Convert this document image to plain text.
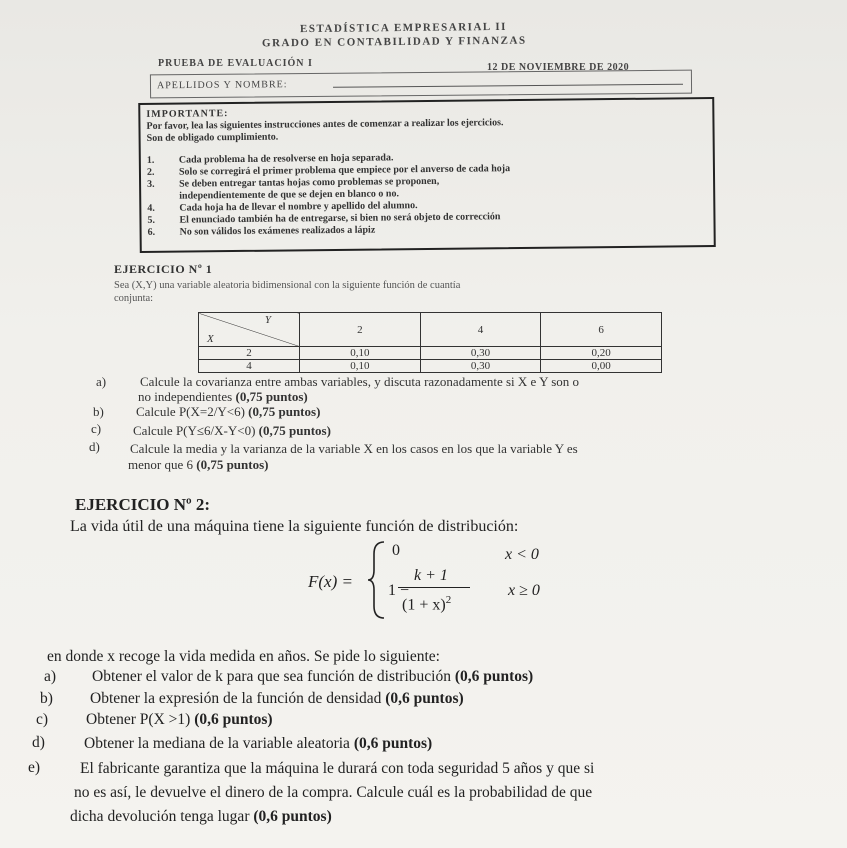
ESTADÍSTICA EMPRESARIAL II
GRADO EN CONTABILIDAD Y FINANZAS
PRUEBA DE EVALUACIÓN I	12 DE NOVIEMBRE DE 2020
APELLIDOS Y NOMBRE:
IMPORTANTE:
Por favor, lea las siguientes instrucciones antes de comenzar a realizar los ejercicios.
Son de obligado cumplimiento.
1. Cada problema ha de resolverse en hoja separada.
2. Solo se corregirá el primer problema que empiece por el anverso de cada hoja
3. Se deben entregar tantas hojas como problemas se proponen,
independientemente de que se dejen en blanco o no.
4. Cada hoja ha de llevar el nombre y apellido del alumno.
5. El enunciado también ha de entregarse, si bien no será objeto de corrección
6. No son válidos los exámenes realizados a lápiz
EJERCICIO Nº 1
Sea (X,Y) una variable aleatoria bidimensional con la siguiente función de cuantía
conjunta:
Y
X	2	4	6
2	0,10	0,30	0,20
4	0,10	0,30	0,00
a)	Calcule la covarianza entre ambas variables, y discuta razonadamente si X e Y son o
no independientes (0,75 puntos)
b) Calcule P(X=2/Y<6) (0,75 puntos)
c) Calcule P(Y≤6/X-Y<0) (0,75 puntos)
d) Calcule la media y la varianza de la variable X en los casos en los que la variable Y es
menor que 6 (0,75 puntos)
EJERCICIO Nº 2:
La vida útil de una máquina tiene la siguiente función de distribución:
F(x) =
0	x < 0
1 −
k + 1
$(1 + x)^2$
x ≥ 0
en donde x recoge la vida medida en años. Se pide lo siguiente:
a) Obtener el valor de k para que sea función de distribución (0,6 puntos)
b) Obtener la expresión de la función de densidad (0,6 puntos)
c) Obtener P(X >1) (0,6 puntos)
d)	Obtener la mediana de la variable aleatoria (0,6 puntos)
e)	El fabricante garantiza que la máquina le durará con toda seguridad 5 años y que si
no es así, le devuelve el dinero de la compra. Calcule cuál es la probabilidad de que
dicha devolución tenga lugar (0,6 puntos)
